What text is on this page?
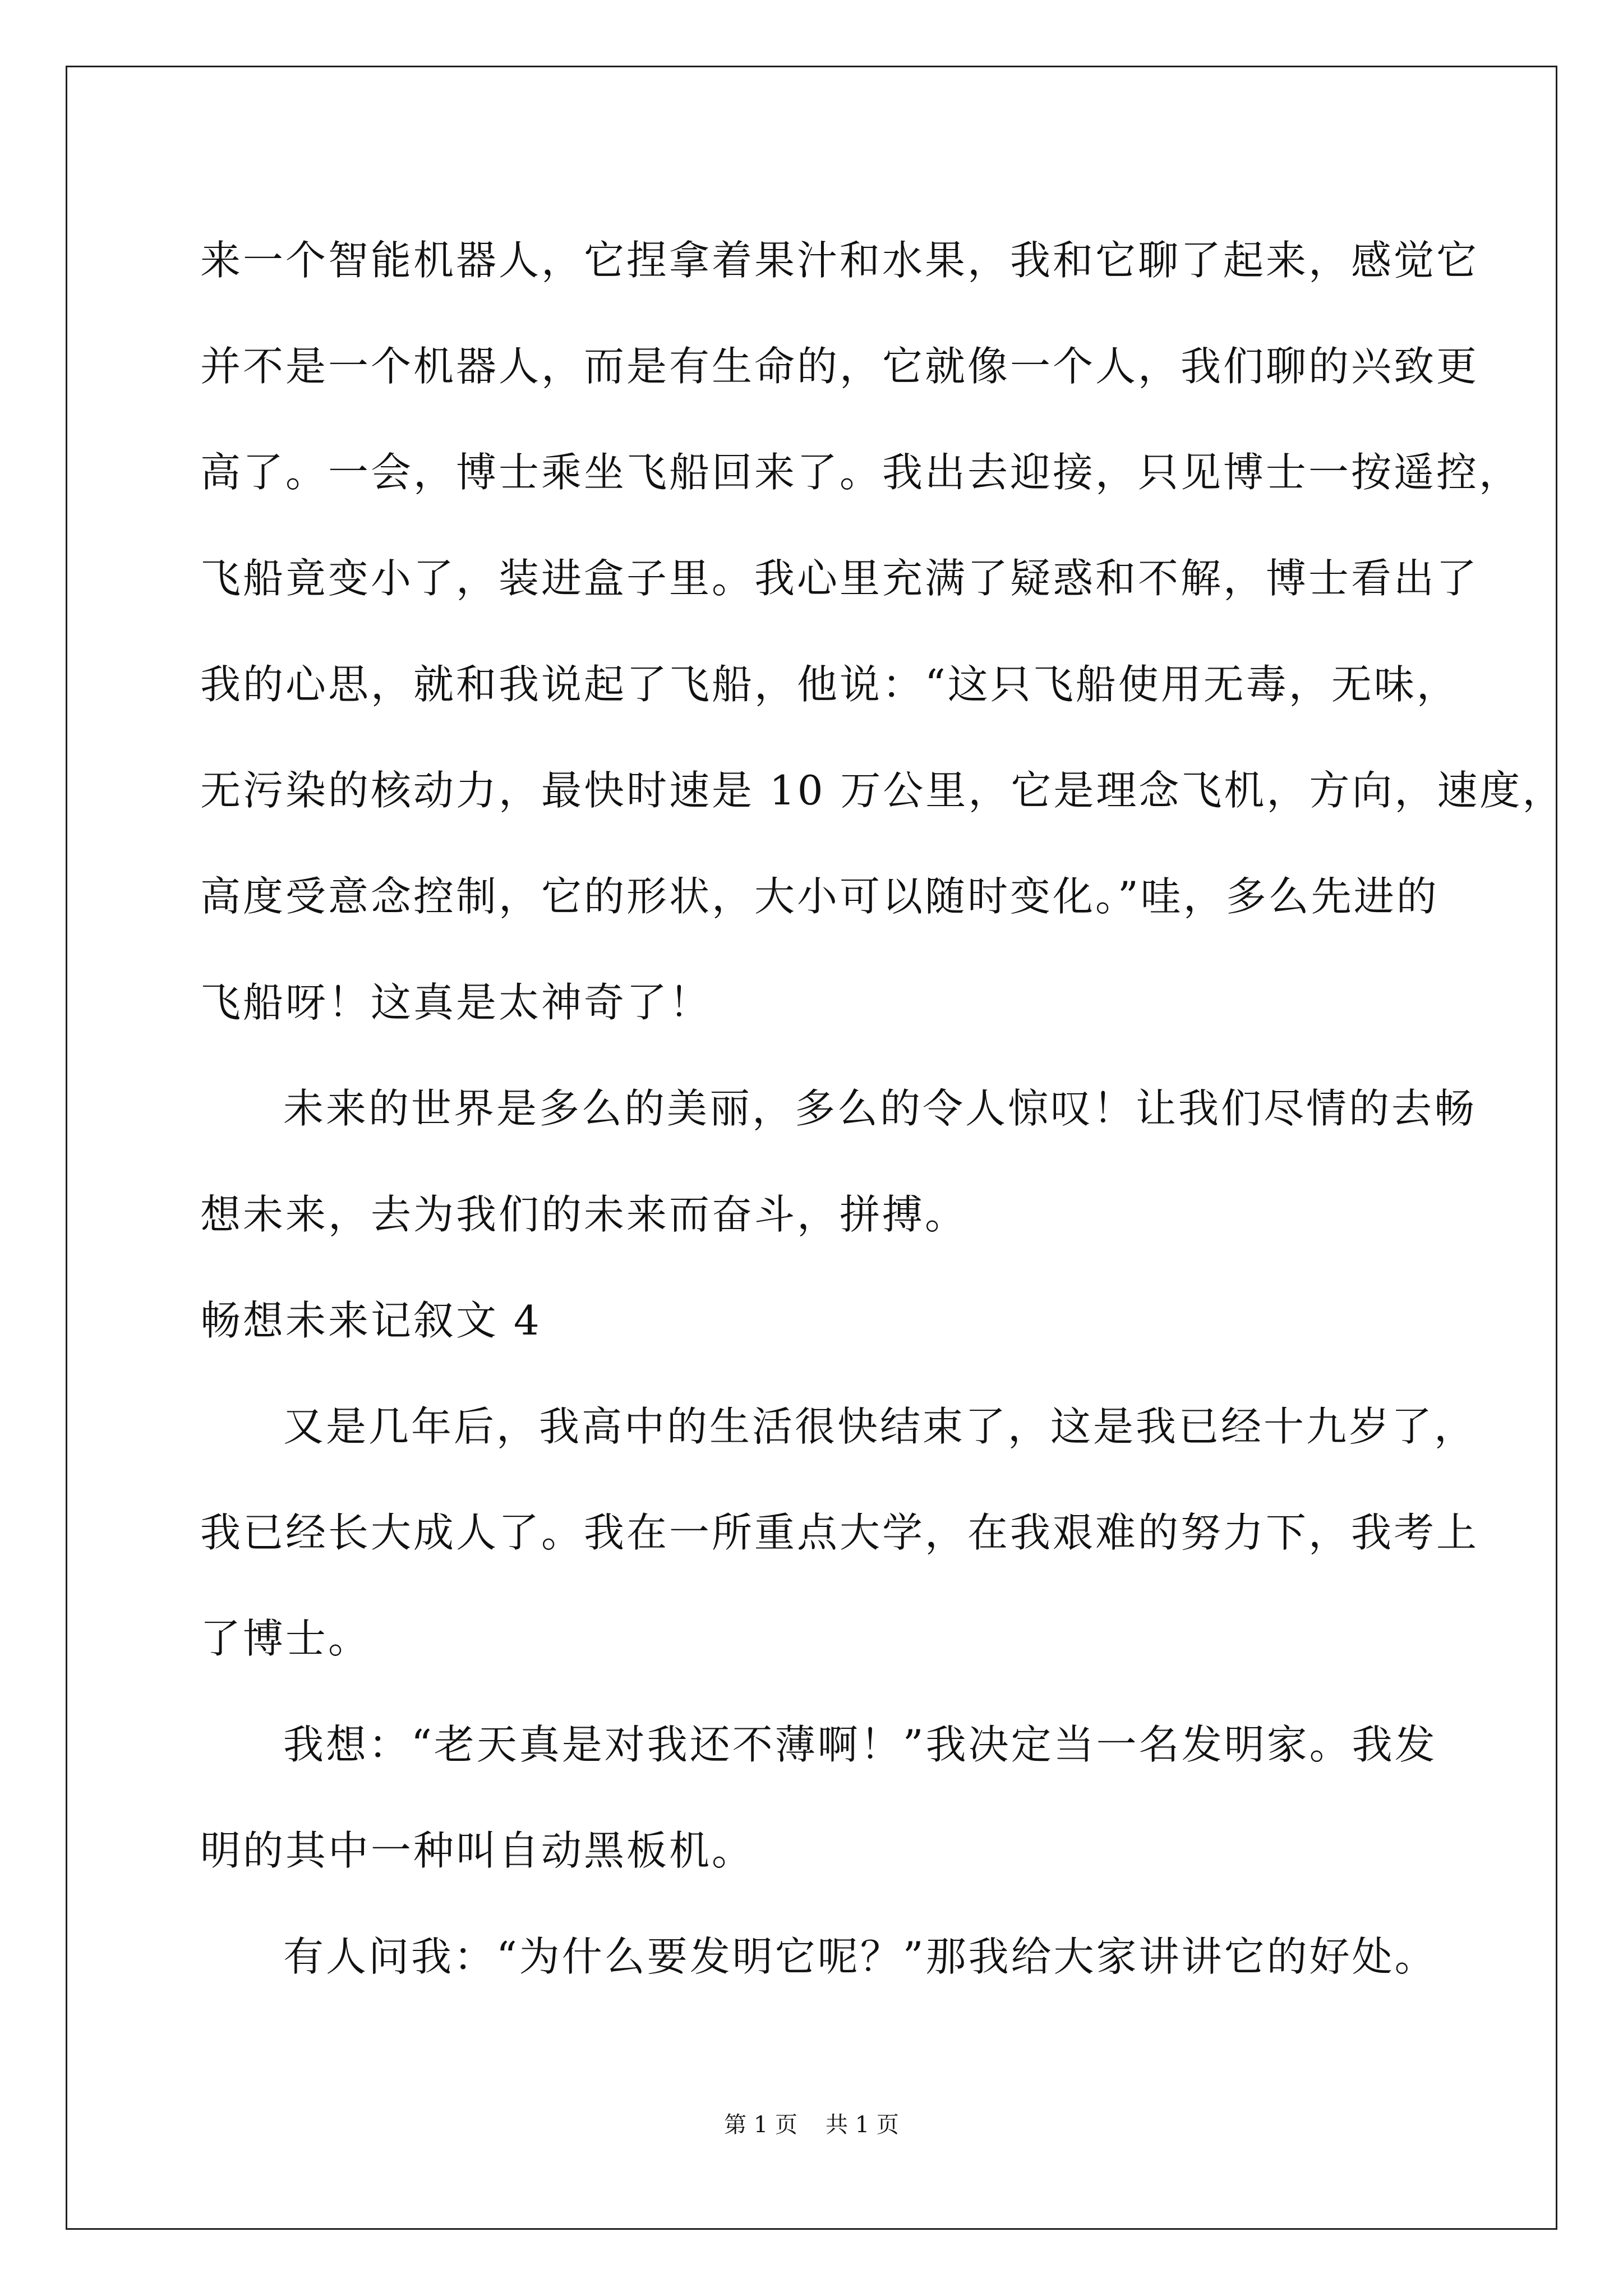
来一个智能机器人，它捏拿着果汁和水果，我和它聊了起来，感觉它
并不是一个机器人，而是有生命的，它就像一个人，我们聊的兴致更
高了。一会，博士乘坐飞船回来了。我出去迎接，只见博士一按遥控，
飞船竟变小了，装进盒子里。我心里充满了疑惑和不解，博士看出了
我的心思，就和我说起了飞船，他说：“这只飞船使用无毒，无味，
无污染的核动力，最快时速是 10 万公里，它是理念飞机，方向，速度，
高度受意念控制，它的形状，大小可以随时变化。”哇，多么先进的
飞船呀！这真是太神奇了！
未来的世界是多么的美丽，多么的令人惊叹！让我们尽情的去畅
想未来，去为我们的未来而奋斗，拼搏。
畅想未来记叙文 4
又是几年后，我高中的生活很快结束了，这是我已经十九岁了，
我已经长大成人了。我在一所重点大学，在我艰难的努力下，我考上
了博士。
我想：“老天真是对我还不薄啊！”我决定当一名发明家。我发
明的其中一种叫自动黑板机。
有人问我：“为什么要发明它呢？”那我给大家讲讲它的好处。
第 1 页 共 1 页
